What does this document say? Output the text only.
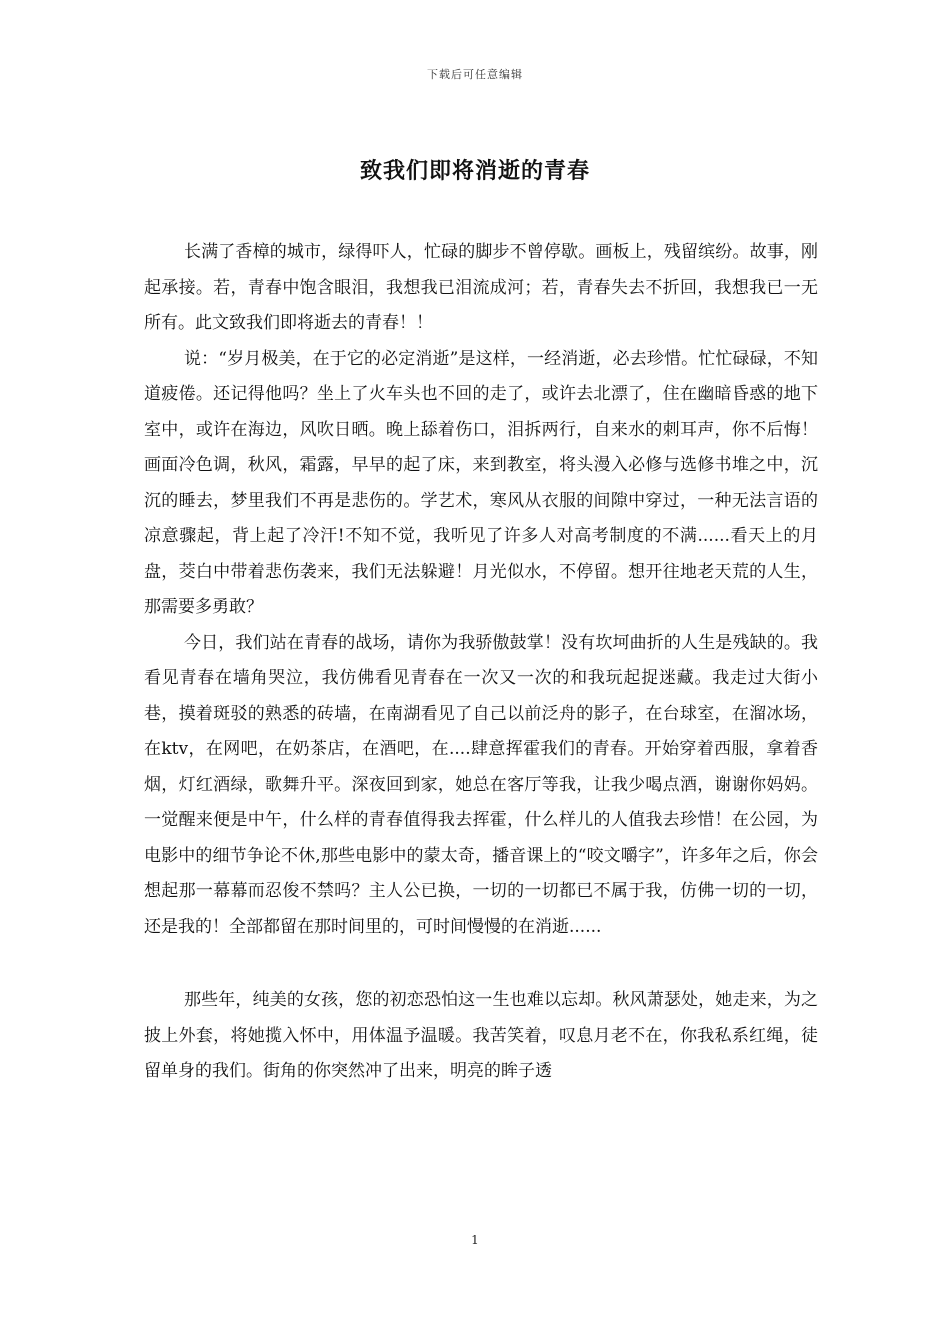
下载后可任意编辑
致我们即将消逝的青春

长满了香樟的城市，绿得吓人，忙碌的脚步不曾停歇。画板上，残留缤纷。故事，刚起承接。若，青春中饱含眼泪，我想我已泪流成河；若，青春失去不折回，我想我已一无所有。此文致我们即将逝去的青春！！

说：“岁月极美，在于它的必定消逝”是这样，一经消逝，必去珍惜。忙忙碌碌，不知道疲倦。还记得他吗？坐上了火车头也不回的走了，或许去北漂了，住在幽暗昏惑的地下室中，或许在海边，风吹日晒。晚上舔着伤口，泪拆两行，自来水的刺耳声，你不后悔！画面冷色调，秋风，霜露，早早的起了床，来到教室，将头漫入必修与选修书堆之中，沉沉的睡去，梦里我们不再是悲伤的。学艺术，寒风从衣服的间隙中穿过，一种无法言语的凉意骤起，背上起了冷汗!不知不觉，我听见了许多人对高考制度的不满......看天上的月盘，茭白中带着悲伤袭来，我们无法躲避！月光似水，不停留。想开往地老天荒的人生，那需要多勇敢？

今日，我们站在青春的战场，请你为我骄傲鼓掌！没有坎坷曲折的人生是残缺的。我看见青春在墙角哭泣，我仿佛看见青春在一次又一次的和我玩起捉迷藏。我走过大街小巷，摸着斑驳的熟悉的砖墙，在南湖看见了自己以前泛舟的影子，在台球室，在溜冰场，在ktv，在网吧，在奶茶店，在酒吧，在....肆意挥霍我们的青春。开始穿着西服，拿着香烟，灯红酒绿，歌舞升平。深夜回到家，她总在客厅等我，让我少喝点酒，谢谢你妈妈。一觉醒来便是中午，什么样的青春值得我去挥霍，什么样儿的人值我去珍惜！在公园，为电影中的细节争论不休,那些电影中的蒙太奇，播音课上的“咬文嚼字”，许多年之后，你会想起那一幕幕而忍俊不禁吗？主人公已换，一切的一切都已不属于我，仿佛一切的一切，还是我的！全部都留在那时间里的，可时间慢慢的在消逝......

那些年，纯美的女孩，您的初恋恐怕这一生也难以忘却。秋风萧瑟处，她走来，为之披上外套，将她揽入怀中，用体温予温暖。我苦笑着，叹息月老不在，你我私系红绳，徒留单身的我们。街角的你突然冲了出来，明亮的眸子透

1
